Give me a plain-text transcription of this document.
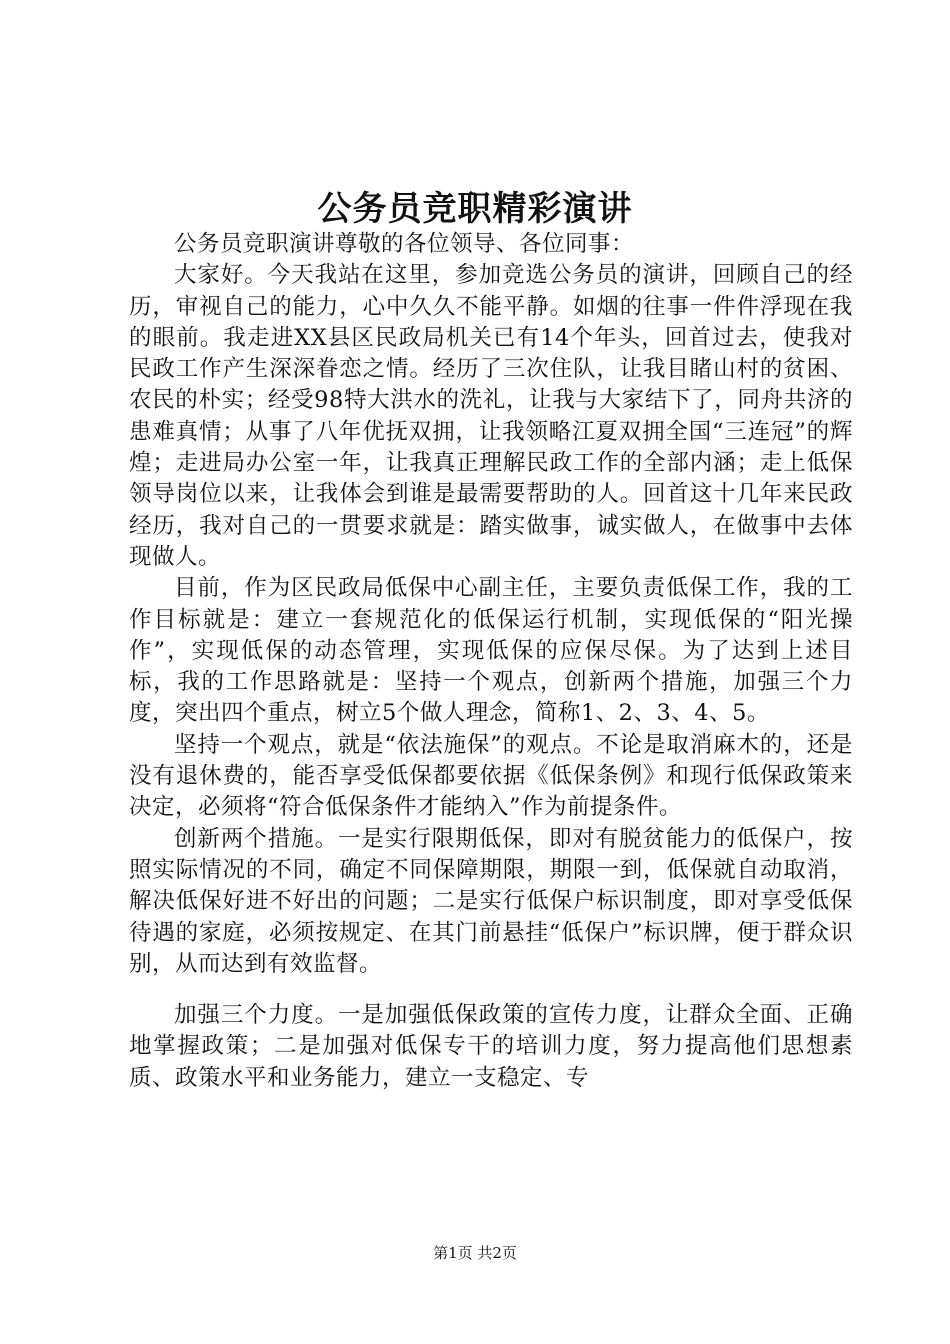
公务员竞职精彩演讲

公务员竞职演讲尊敬的各位领导、各位同事：

大家好。今天我站在这里，参加竞选公务员的演讲，回顾自己的经历，审视自己的能力，心中久久不能平静。如烟的往事一件件浮现在我的眼前。我走进XX县区民政局机关已有14个年头，回首过去，使我对民政工作产生深深眷恋之情。经历了三次住队，让我目睹山村的贫困、农民的朴实；经受98特大洪水的洗礼，让我与大家结下了，同舟共济的患难真情；从事了八年优抚双拥，让我领略江夏双拥全国“三连冠”的辉煌；走进局办公室一年，让我真正理解民政工作的全部内涵；走上低保领导岗位以来，让我体会到谁是最需要帮助的人。回首这十几年来民政经历，我对自己的一贯要求就是：踏实做事，诚实做人，在做事中去体现做人。

目前，作为区民政局低保中心副主任，主要负责低保工作，我的工作目标就是：建立一套规范化的低保运行机制，实现低保的“阳光操作”，实现低保的动态管理，实现低保的应保尽保。为了达到上述目标，我的工作思路就是：坚持一个观点，创新两个措施，加强三个力度，突出四个重点，树立5个做人理念，简称1、2、3、4、5。

坚持一个观点，就是“依法施保”的观点。不论是取消麻木的，还是没有退休费的，能否享受低保都要依据《低保条例》和现行低保政策来决定，必须将“符合低保条件才能纳入”作为前提条件。

创新两个措施。一是实行限期低保，即对有脱贫能力的低保户，按照实际情况的不同，确定不同保障期限，期限一到，低保就自动取消，解决低保好进不好出的问题；二是实行低保户标识制度，即对享受低保待遇的家庭，必须按规定、在其门前悬挂“低保户”标识牌，便于群众识别，从而达到有效监督。

加强三个力度。一是加强低保政策的宣传力度，让群众全面、正确地掌握政策；二是加强对低保专干的培训力度，努力提高他们思想素质、政策水平和业务能力，建立一支稳定、专

第1页 共2页
